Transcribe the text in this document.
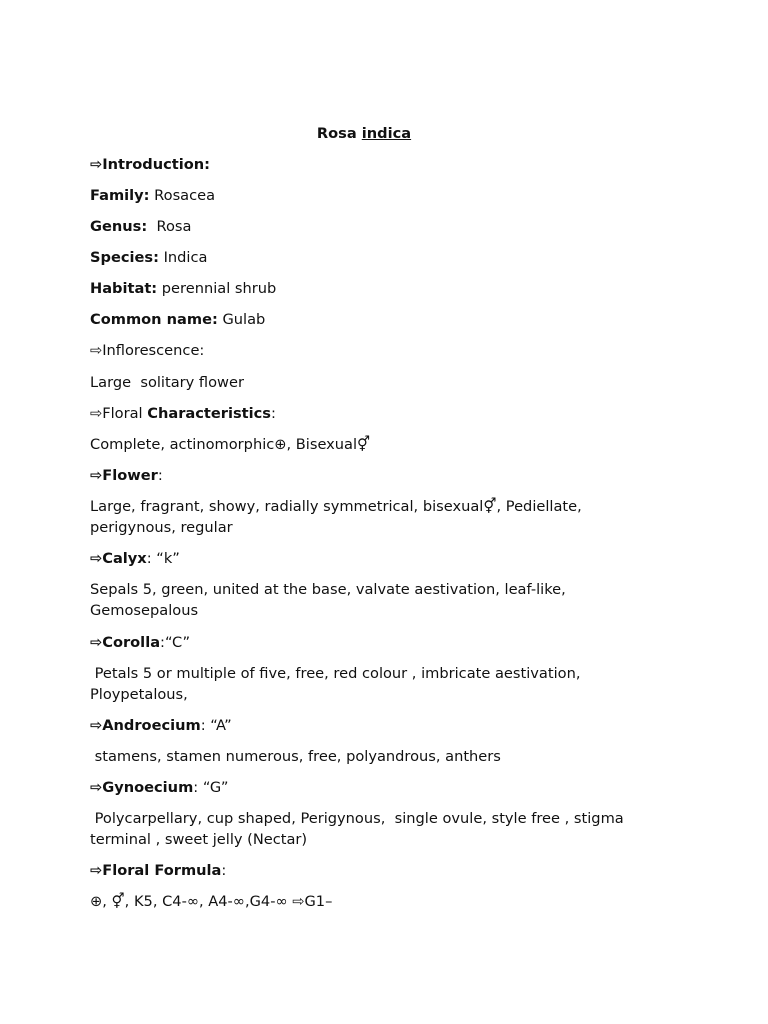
Rosa indica
⇨Introduction:
Family: Rosacea
Genus:  Rosa
Species: Indica
Habitat: perennial shrub
Common name: Gulab
⇨Inflorescence:
Large  solitary flower
⇨Floral Characteristics:
Complete, actinomorphic⊕, Bisexual⚥
⇨Flower:
Large, fragrant, showy, radially symmetrical, bisexual⚥, Pediellate, perigynous, regular
⇨Calyx: “k”
Sepals 5, green, united at the base, valvate aestivation, leaf-like, Gemosepalous
⇨Corolla:“C”
Petals 5 or multiple of five, free, red colour , imbricate aestivation, Ploypetalous,
⇨Androecium: “A”
stamens, stamen numerous, free, polyandrous, anthers
⇨Gynoecium: “G”
Polycarpellary, cup shaped, Perigynous,  single ovule, style free , stigma terminal , sweet jelly (Nectar)
⇨Floral Formula:
⊕, ⚥, K5, C4-∞, A4-∞,G4-∞ ⇨G1–
